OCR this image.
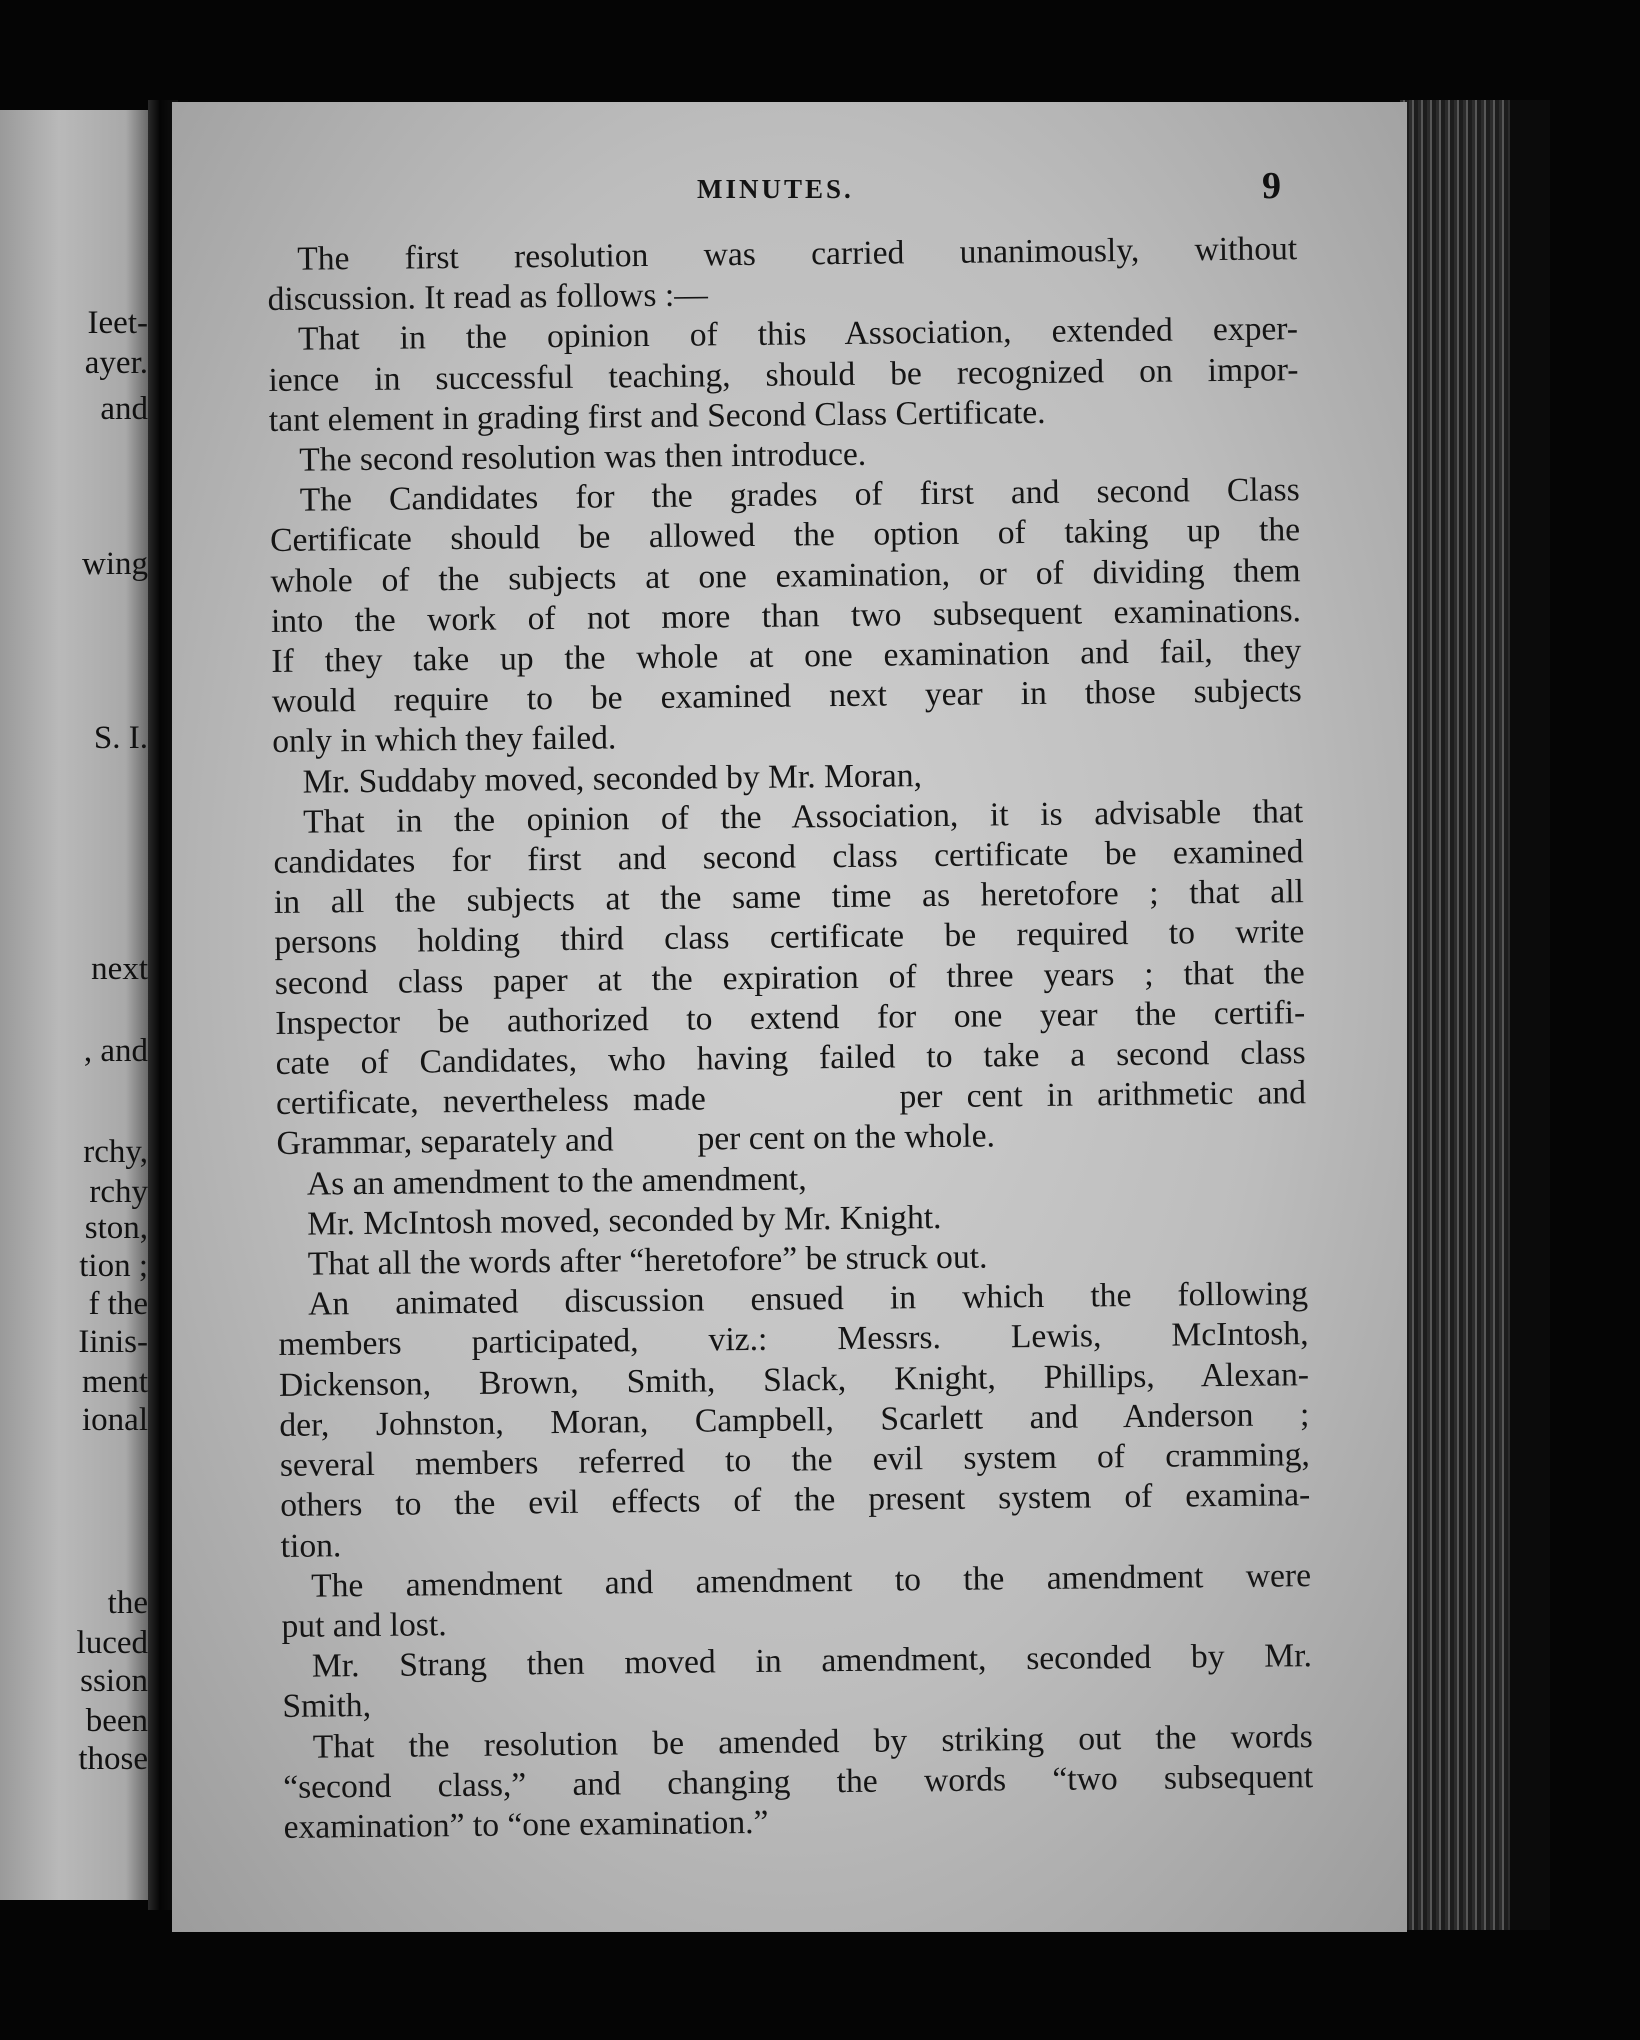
Ieet-
ayer.
and
wing
S. I.
next
, and
rchy,
rchy
ston,
tion ;
f the
Iinis-
ment
ional
the
luced
ssion
been
those
MINUTES.	9
The first resolution was carried unanimously, without
discussion. It read as follows :—
That in the opinion of this Association, extended exper-
ience in successful teaching, should be recognized on impor-
tant element in grading first and Second Class Certificate.
The second resolution was then introduce.
The Candidates for the grades of first and second Class
Certificate should be allowed the option of taking up the
whole of the subjects at one examination, or of dividing them
into the work of not more than two subsequent examinations.
If they take up the whole at one examination and fail, they
would require to be examined next year in those subjects
only in which they failed.
Mr. Suddaby moved, seconded by Mr. Moran,
That in the opinion of the Association, it is advisable that
candidates for first and second class certificate be examined
in all the subjects at the same time as heretofore ; that all
persons holding third class certificate be required to write
second class paper at the expiration of three years ; that the
Inspector be authorized to extend for one year the certifi-
cate of Candidates, who having failed to take a second class
certificate, nevertheless made        per cent in arithmetic and
Grammar, separately and          per cent on the whole.
As an amendment to the amendment,
Mr. McIntosh moved, seconded by Mr. Knight.
That all the words after “heretofore” be struck out.
An animated discussion ensued in which the following
members participated, viz.: Messrs. Lewis, McIntosh,
Dickenson, Brown, Smith, Slack, Knight, Phillips, Alexan-
der, Johnston, Moran, Campbell, Scarlett and Anderson ;
several members referred to the evil system of cramming,
others to the evil effects of the present system of examina-
tion.
The amendment and amendment to the amendment were
put and lost.
Mr. Strang then moved in amendment, seconded by Mr.
Smith,
That the resolution be amended by striking out the words
“second class,” and changing the words “two subsequent
examination” to “one examination.”
